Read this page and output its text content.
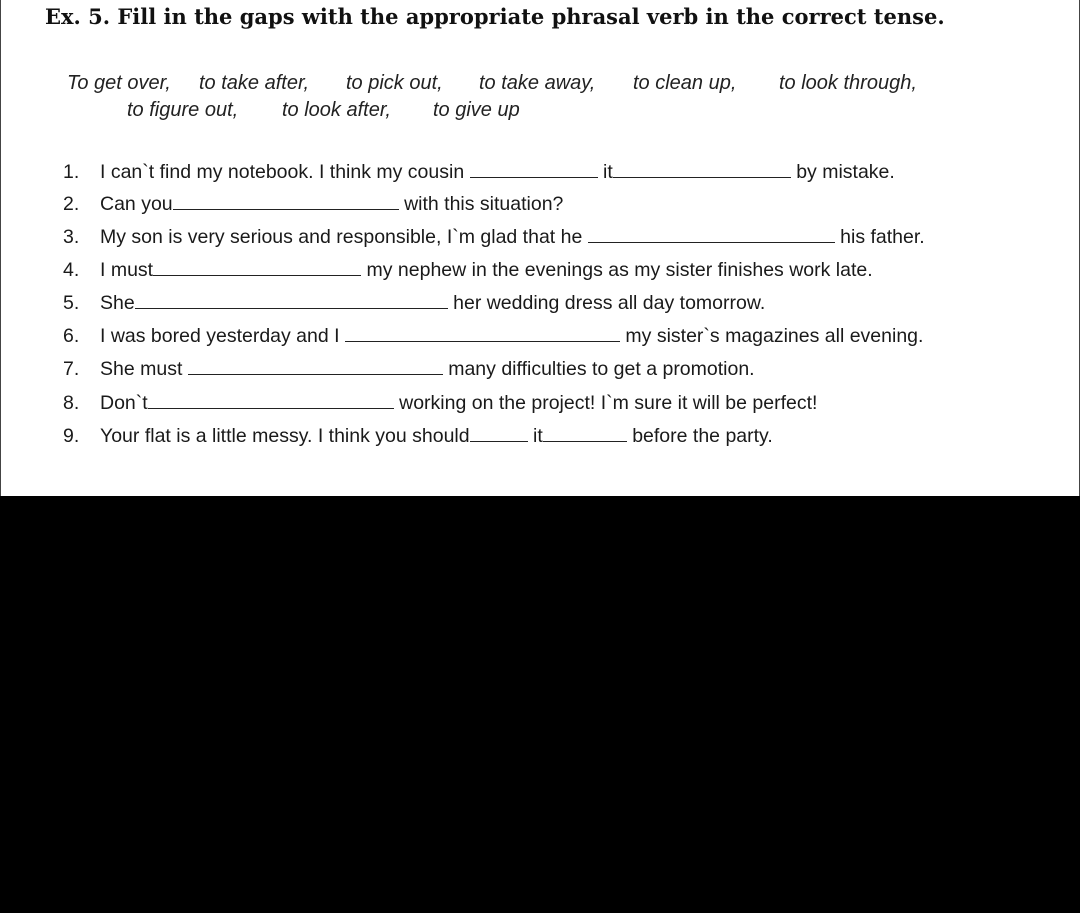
Ex. 5. Fill in the gaps with the appropriate phrasal verb in the correct tense.
To get over, to take after, to pick out, to take away, to clean up, to look through,
to figure out, to look after, to give up
1. I can`t find my notebook. I think my cousin	it	by mistake.
2. Can you	with this situation?
3. My son is very serious and responsible, I`m glad that he	his father.
4. I must	my nephew in the evenings as my sister finishes work late.
5. She	her wedding dress all day tomorrow.
6. I was bored yesterday and I	my sister`s magazines all evening.
7. She must	many difficulties to get a promotion.
8. Don`t	working on the project! I`m sure it will be perfect!
9. Your flat is a little messy. I think you should	it	before the party.
